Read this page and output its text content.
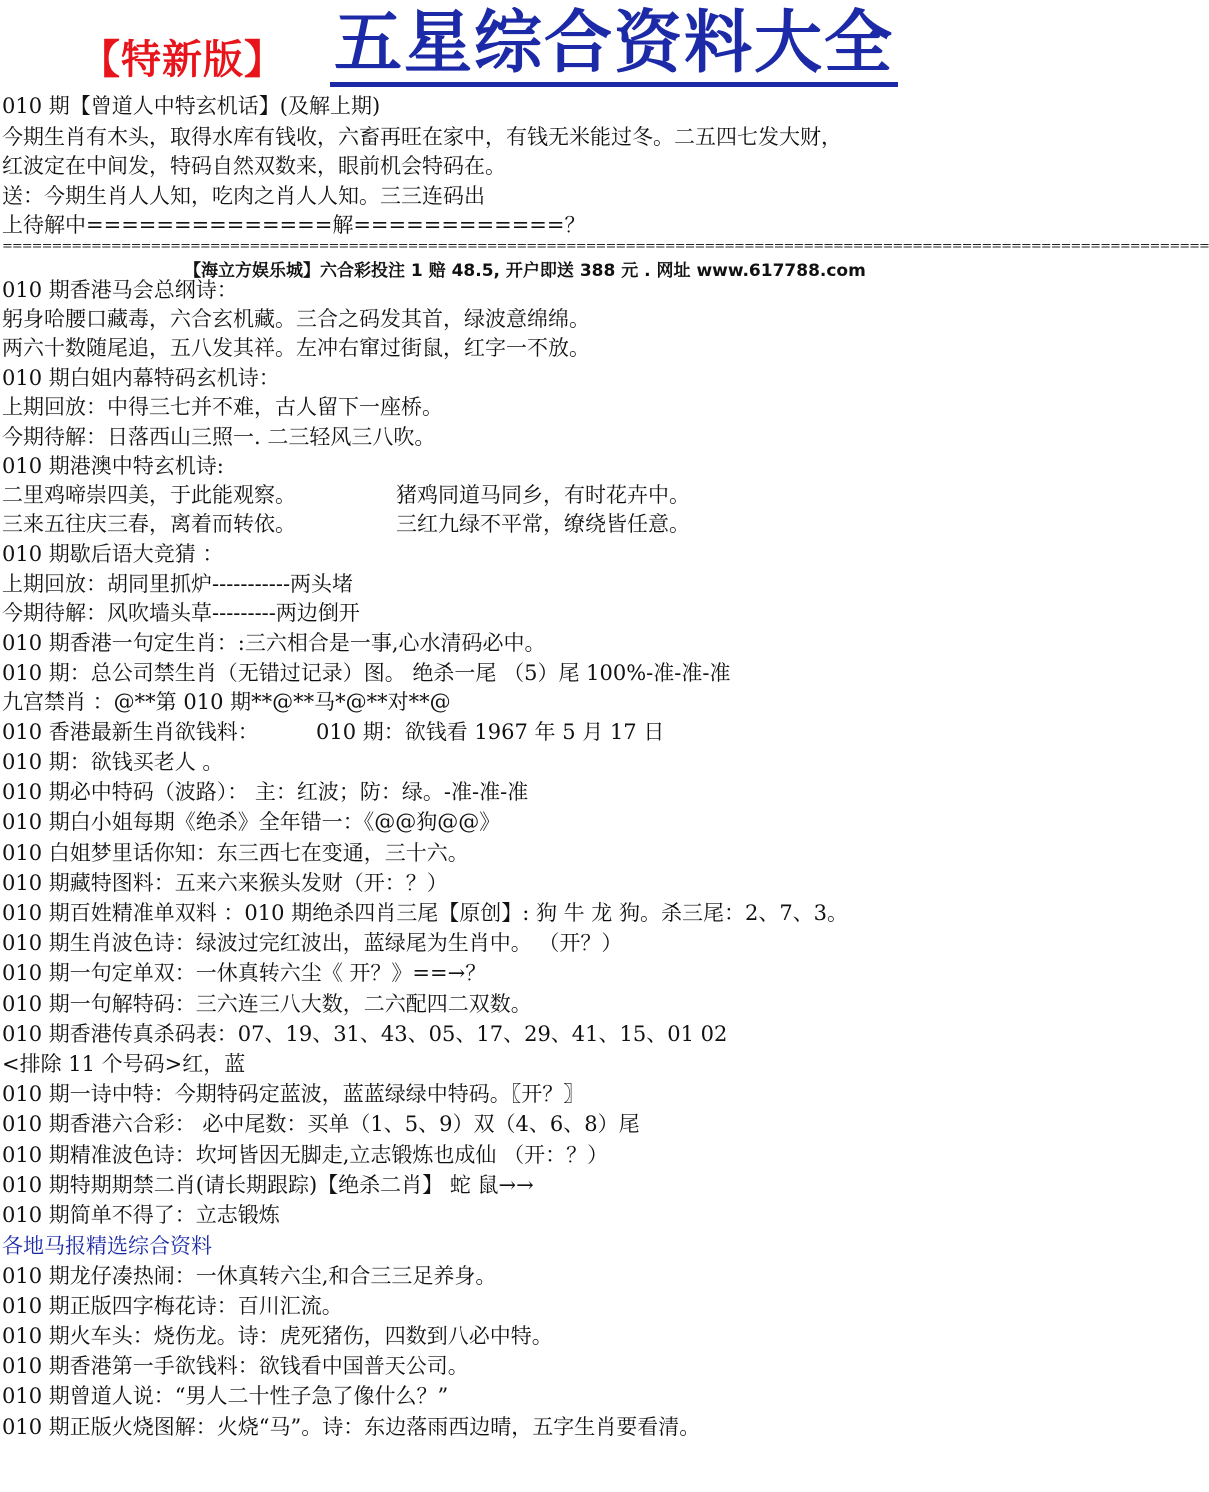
【特新版】 五星综合资料大全
010 期【曾道人中特玄机话】(及解上期)
今期生肖有木头，取得水库有钱收，六畜再旺在家中，有钱无米能过冬。二五四七发大财，
红波定在中间发，特码自然双数来，眼前机会特码在。
送：今期生肖人人知，吃肉之肖人人知。三三连码出
上待解中==============解============？
==========================================================================================================================
【海立方娱乐城】六合彩投注 1 赔 48.5, 开户即送 388 元 . 网址 www.617788.com
010 期香港马会总纲诗：
躬身哈腰口藏毒，六合玄机藏。三合之码发其首，绿波意绵绵。
两六十数随尾追，五八发其祥。左冲右窜过街鼠，红字一不放。
010 期白姐内幕特码玄机诗：
上期回放：中得三七并不难，古人留下一座桥。
今期待解：日落西山三照一. 二三轻风三八吹。
010 期港澳中特玄机诗:
二里鸡啼崇四美，于此能观察。	猪鸡同道马同乡，有时花卉中。
三来五往庆三春，离着而转依。	三红九绿不平常，缭绕皆任意。
010 期歇后语大竞猜 ：
上期回放：胡同里抓炉-----------两头堵
今期待解：风吹墙头草---------两边倒开
010 期香港一句定生肖：:三六相合是一事,心水清码必中。
010 期：总公司禁生肖（无错过记录）图。 绝杀一尾 （5）尾 100%-准-准-准
九宫禁肖 ：@**第 010 期**@**马*@**对**@
010 香港最新生肖欲钱料：	010 期：欲钱看 1967 年 5 月 17 日
010 期：欲钱买老人 。
010 期必中特码（波路）： 主：红波；防：绿。-准-准-准
010 期白小姐每期《绝杀》全年错一：《@@狗@@》
010 白姐梦里话你知：东三西七在变通，三十六。
010 期藏特图料：五来六来猴头发财（开：？）
010 期百姓精准单双料 ：010 期绝杀四肖三尾【原创】: 狗 牛 龙 狗。杀三尾：2、7、3。
010 期生肖波色诗：绿波过完红波出，蓝绿尾为生肖中。 （开？）
010 期一句定单双：一休真转六尘《 开？》==→？
010 期一句解特码：三六连三八大数，二六配四二双数。
010 期香港传真杀码表：07、19、31、43、05、17、29、41、15、01 02
<排除 11 个号码>红，蓝
010 期一诗中特：今期特码定蓝波，蓝蓝绿绿中特码。〖开？〗
010 期香港六合彩： 必中尾数：买单（1、5、9）双（4、6、8）尾
010 期精准波色诗：坎坷皆因无脚走,立志锻炼也成仙 （开：？）
010 期特期期禁二肖(请长期跟踪)【绝杀二肖】 蛇 鼠→→
010 期简单不得了：立志锻炼
各地马报精选综合资料
010 期龙仔凑热闹：一休真转六尘,和合三三足养身。
010 期正版四字梅花诗：百川汇流。
010 期火车头：烧伤龙。诗：虎死猪伤，四数到八必中特。
010 期香港第一手欲钱料：欲钱看中国普天公司。
010 期曾道人说：“男人二十性子急了像什么？”
010 期正版火烧图解：火烧“马”。诗：东边落雨西边晴，五字生肖要看清。
